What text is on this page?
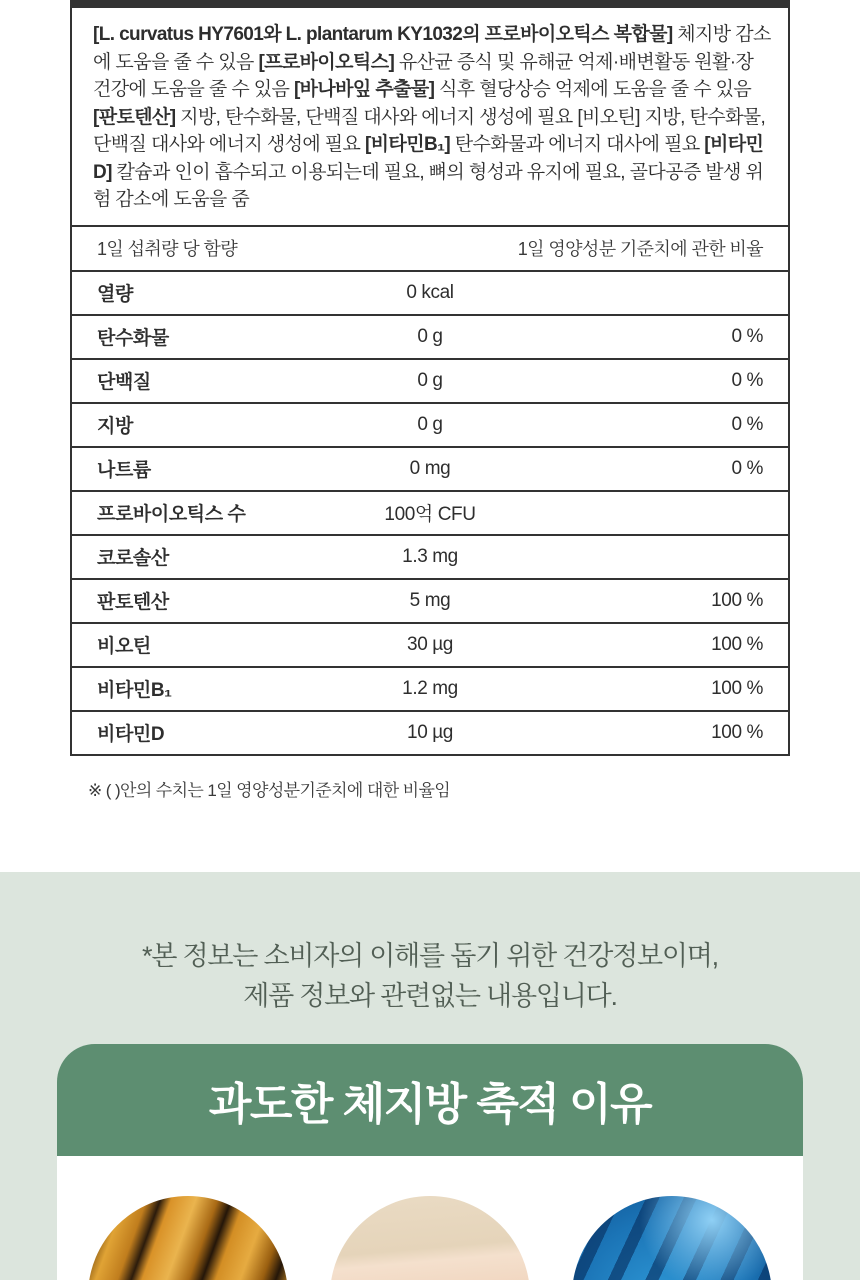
[L. curvatus HY7601와 L. plantarum KY1032의 프로바이오틱스 복합물] 체지방 감소에 도움을 줄 수 있음 [프로바이오틱스] 유산균 증식 및 유해균 억제·배변활동 원활·장 건강에 도움을 줄 수 있음 [바나바잎 추출물] 식후 혈당상승 억제에 도움을 줄 수 있음 [판토텐산] 지방, 탄수화물, 단백질 대사와 에너지 생성에 필요 [비오틴] 지방, 탄수화물, 단백질 대사와 에너지 생성에 필요 [비타민B₁] 탄수화물과 에너지 대사에 필요 [비타민D] 칼슘과 인이 흡수되고 이용되는데 필요, 뼈의 형성과 유지에 필요, 골다공증 발생 위험 감소에 도움을 줌

1일 섭취량 당 함량	1일 영양성분 기준치에 관한 비율
열량	0 kcal
탄수화물	0 g	0 %
단백질	0 g	0 %
지방	0 g	0 %
나트륨	0 mg	0 %
프로바이오틱스 수	100억 CFU
코로솔산	1.3 mg
판토텐산	5 mg	100 %
비오틴	30 µg	100 %
비타민B₁	1.2 mg	100 %
비타민D	10 µg	100 %

※ ( )안의 수치는 1일 영양성분기준치에 대한 비율임

*본 정보는 소비자의 이해를 돕기 위한 건강정보이며,
제품 정보와 관련없는 내용입니다.

과도한 체지방 축적 이유
